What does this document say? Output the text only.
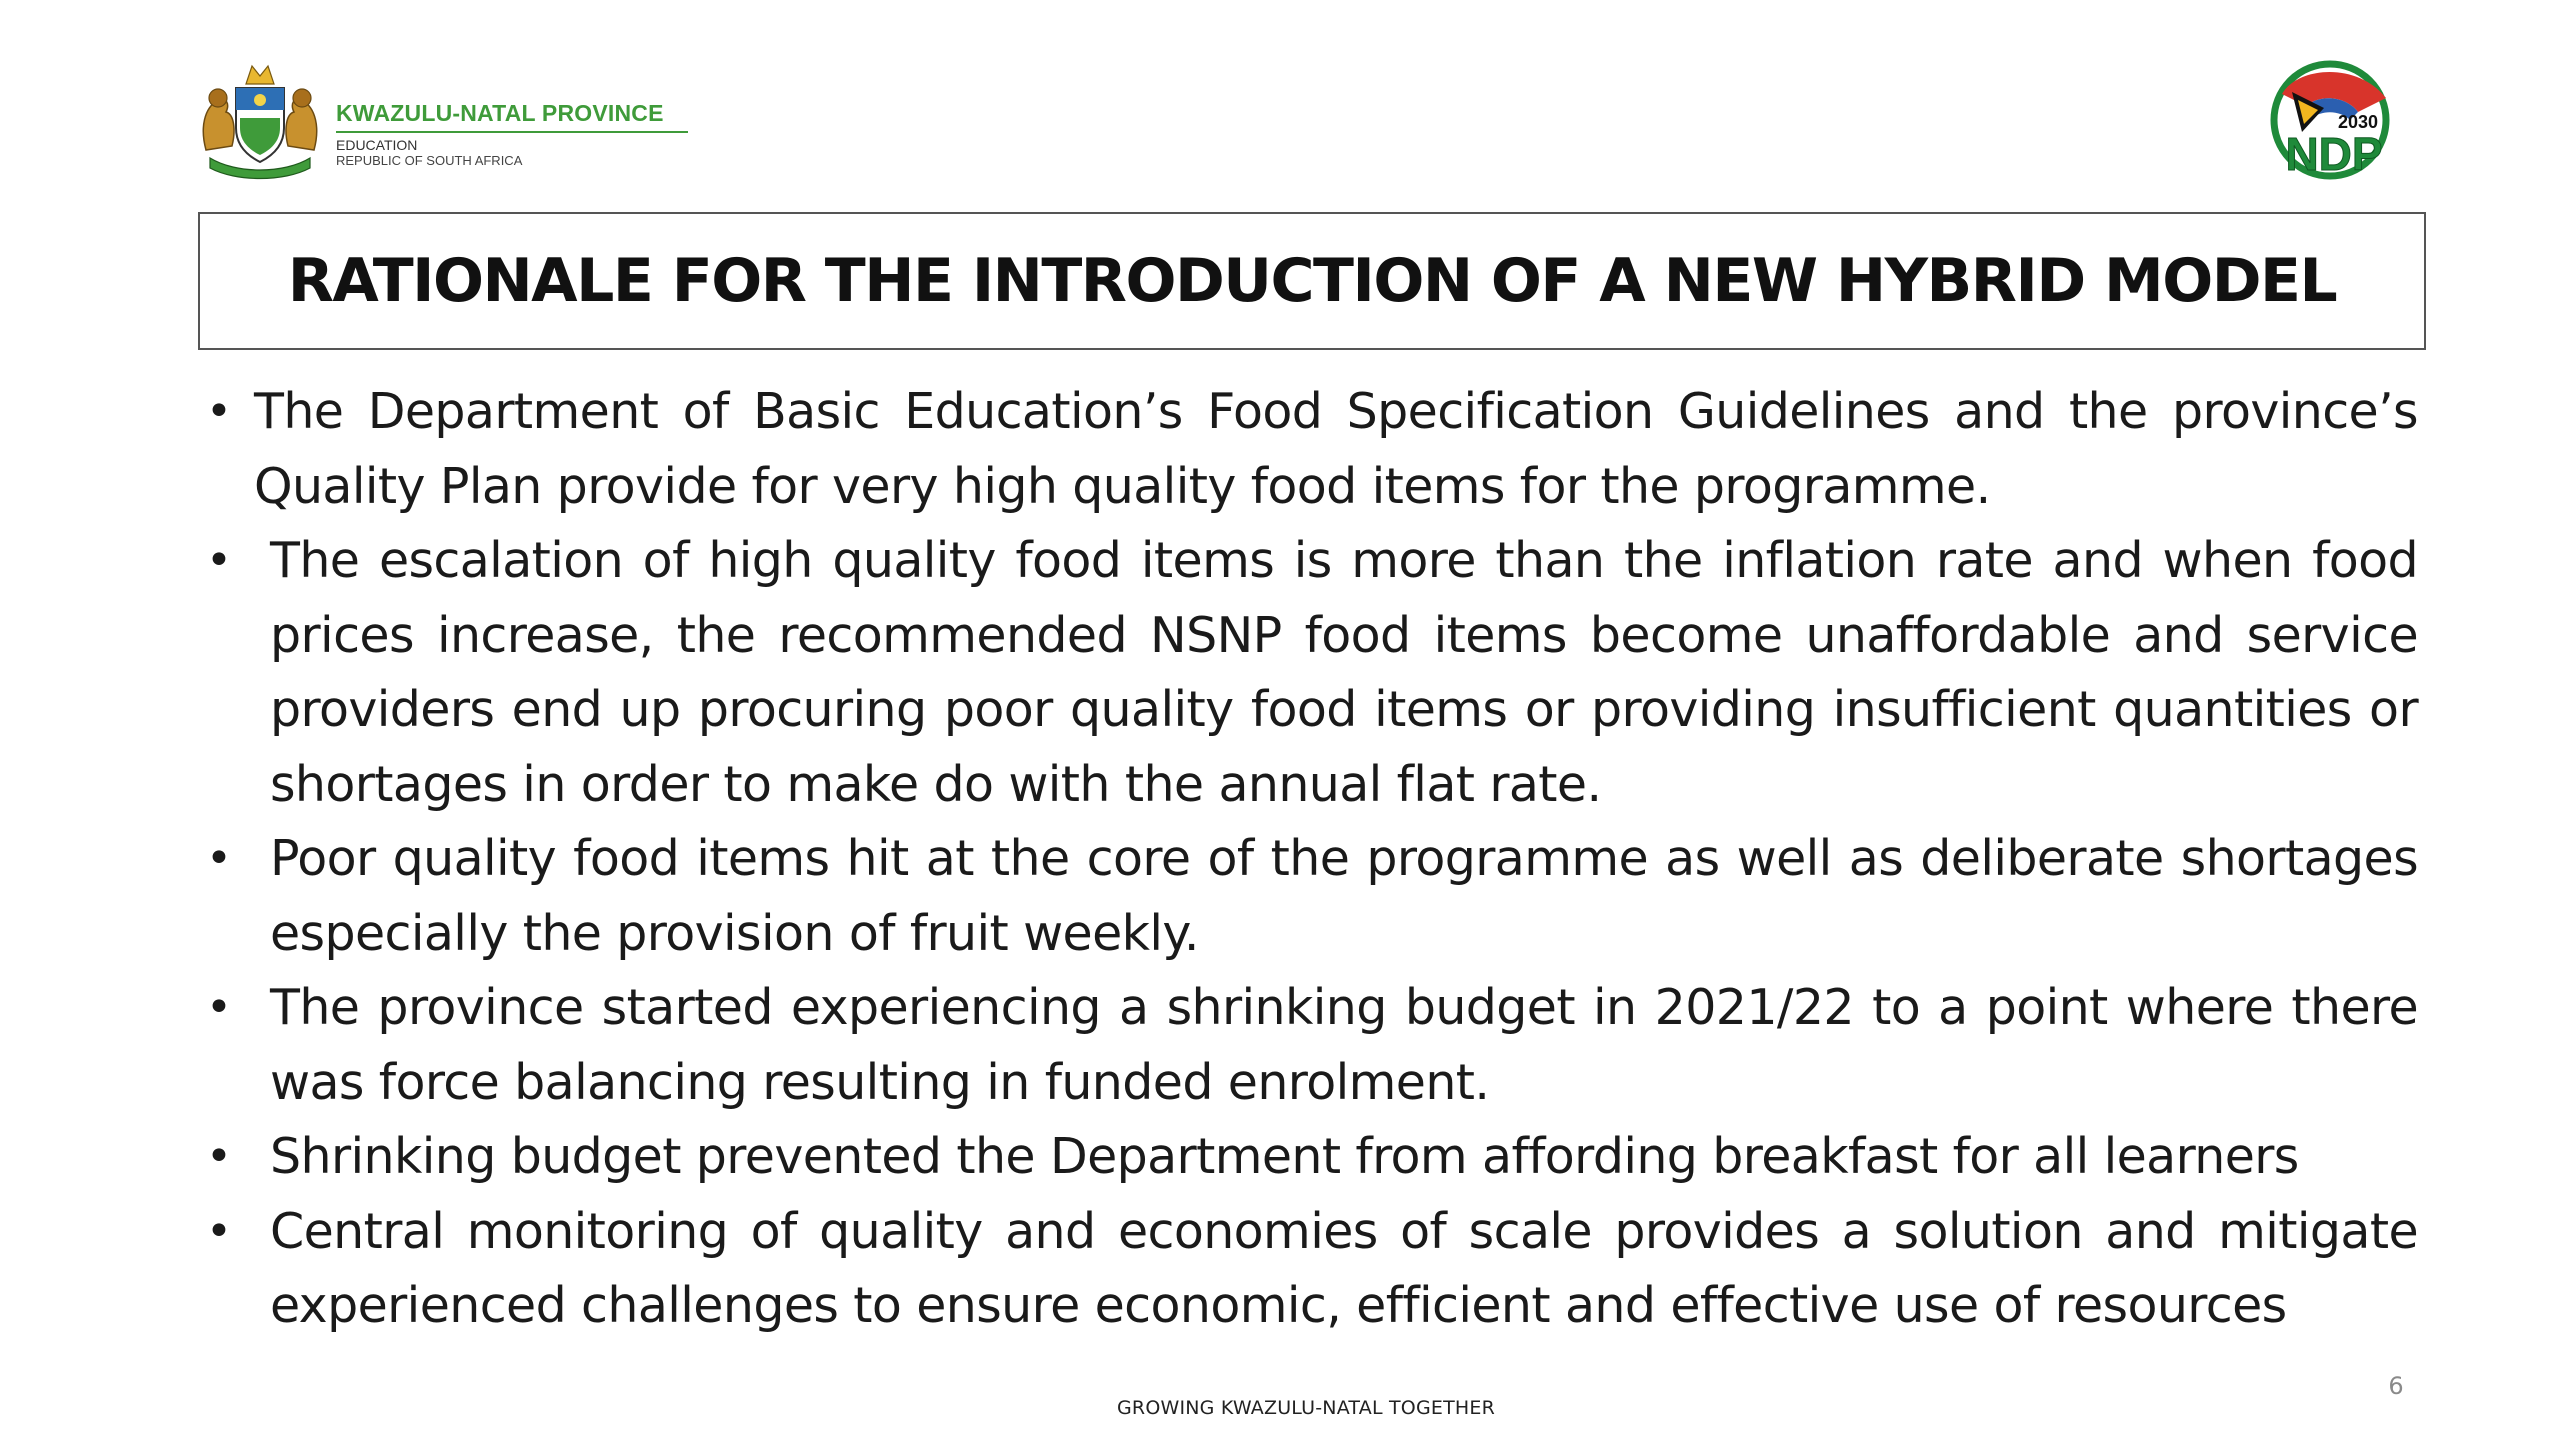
KWAZULU-NATAL PROVINCE
EDUCATION
REPUBLIC OF SOUTH AFRICA
2030
NDP
RATIONALE FOR THE INTRODUCTION OF A NEW HYBRID MODEL
• The Department of Basic Education’s Food Specification Guidelines and the province’s Quality Plan provide for very high quality food items for the programme.
• The escalation of high quality food items is more than the inflation rate and when food prices increase, the recommended NSNP food items become unaffordable and service providers end up procuring poor quality food items or providing insufficient quantities or shortages in order to make do with the annual flat rate.
• Poor quality food items hit at the core of the programme as well as deliberate shortages especially the provision of fruit weekly.
• The province started experiencing a shrinking budget in 2021/22 to a point where there was force balancing resulting in funded enrolment.
• Shrinking budget prevented the Department from affording breakfast for all learners
• Central monitoring of quality and economies of scale provides a solution and mitigate experienced challenges to ensure economic, efficient and effective use of resources
6
GROWING KWAZULU-NATAL TOGETHER
